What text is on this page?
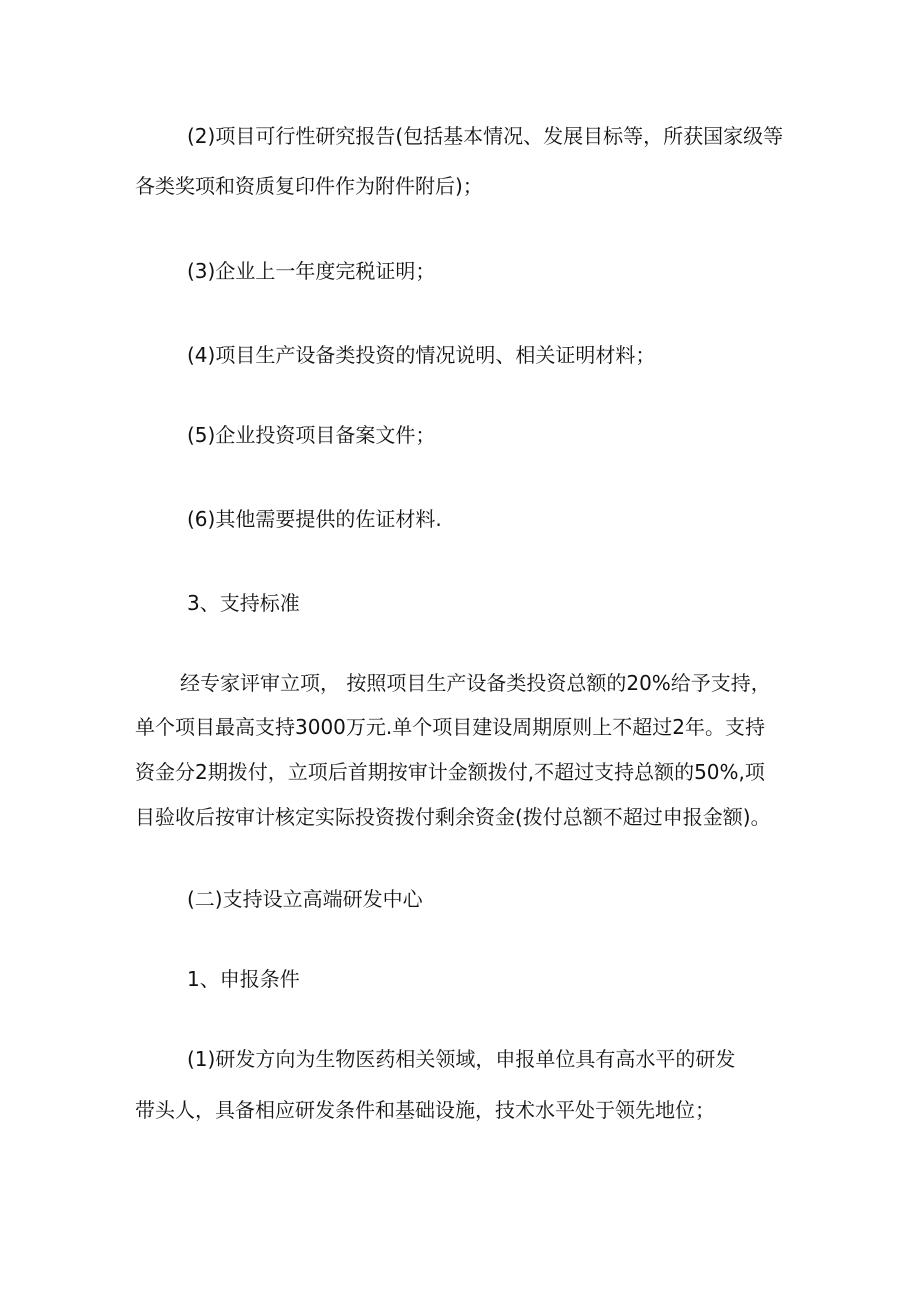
(2)项目可行性研究报告(包括基本情况、发展目标等，所获国家级等
各类奖项和资质复印件作为附件附后)；
(3)企业上一年度完税证明；
(4)项目生产设备类投资的情况说明、相关证明材料；
(5)企业投资项目备案文件；
(6)其他需要提供的佐证材料.
3、支持标准
经专家评审立项， 按照项目生产设备类投资总额的20%给予支持，
单个项目最高支持3000万元.单个项目建设周期原则上不超过2年。支持
资金分2期拨付，立项后首期按审计金额拨付,不超过支持总额的50%,项
目验收后按审计核定实际投资拨付剩余资金(拨付总额不超过申报金额)。
(二)支持设立高端研发中心
1、申报条件
(1)研发方向为生物医药相关领域，申报单位具有高水平的研发
带头人，具备相应研发条件和基础设施，技术水平处于领先地位；
